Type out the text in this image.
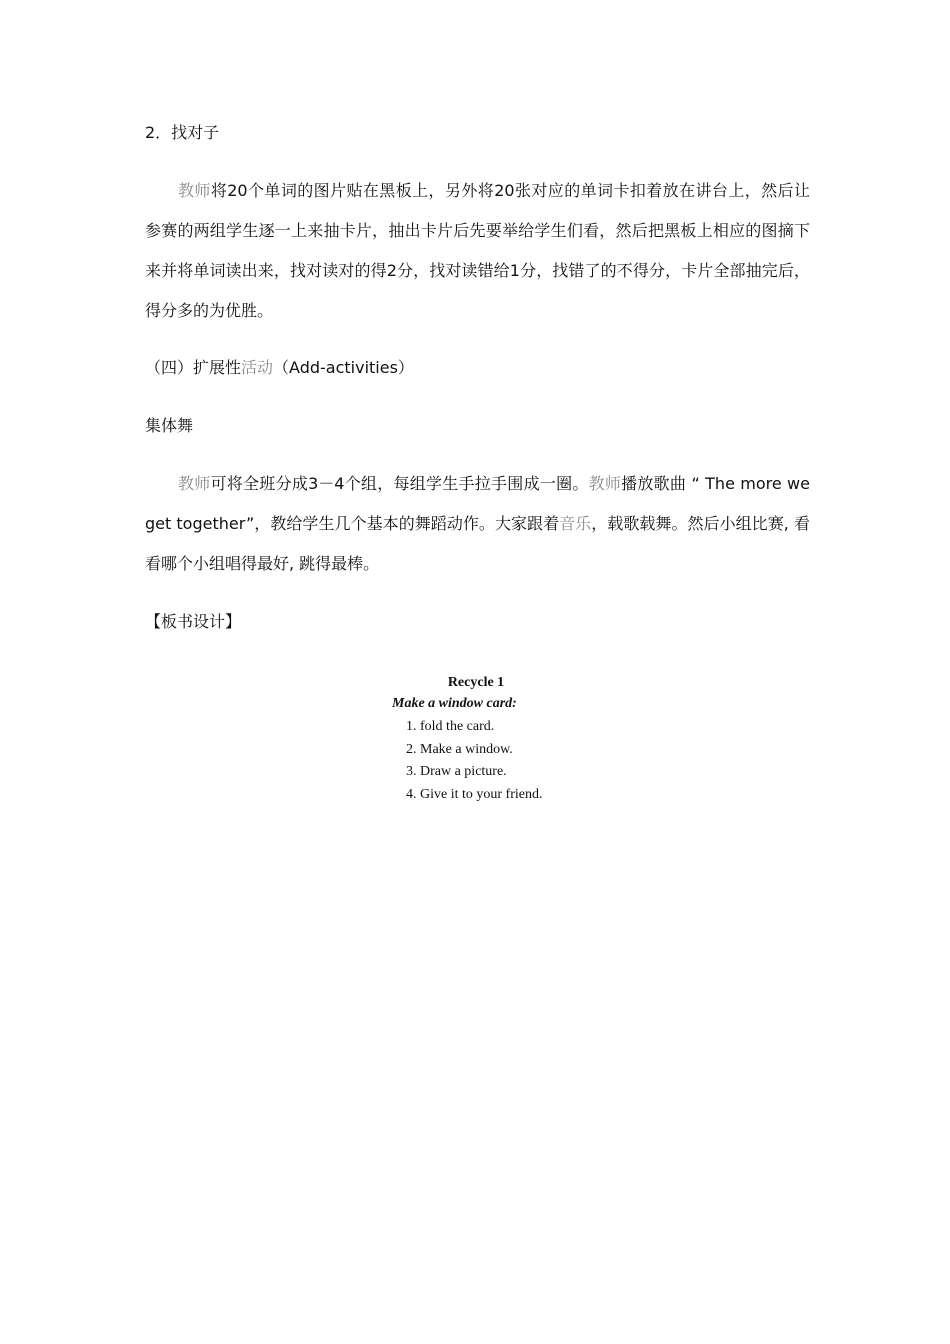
2．找对子

教师将20个单词的图片贴在黑板上，另外将20张对应的单词卡扣着放在讲台上，然后让参赛的两组学生逐一上来抽卡片，抽出卡片后先要举给学生们看，然后把黑板上相应的图摘下来并将单词读出来，找对读对的得2分，找对读错给1分，找错了的不得分，卡片全部抽完后，得分多的为优胜。

（四）扩展性活动（Add-activities）

集体舞

教师可将全班分成3－4个组，每组学生手拉手围成一圈。教师播放歌曲 “ The more we get together”，教给学生几个基本的舞蹈动作。大家跟着音乐，载歌载舞。然后小组比赛, 看看哪个小组唱得最好, 跳得最棒。

【板书设计】

Recycle 1
Make a window card:
1. fold the card.
2. Make a window.
3. Draw a picture.
4. Give it to your friend.
